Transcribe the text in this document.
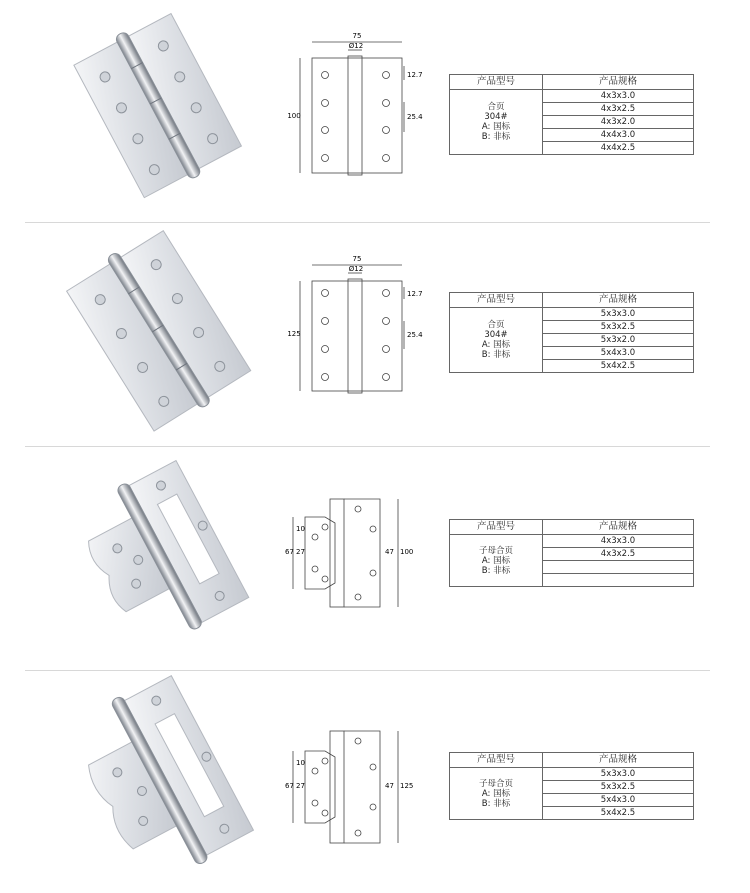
75
Ø12
100
12.7
25.4
产品型号	产品规格

合页
304#
A: 国标
B: 非标	4x3x3.0
	4x3x2.5
	4x3x2.0
	4x4x3.0
	4x4x2.5
75
Ø12
125
12.7
25.4
产品型号	产品规格

合页
304#
A: 国标
B: 非标	5x3x3.0
	5x3x2.5
	5x3x2.0
	5x4x3.0
	5x4x2.5
67
10
27	47 100
产品型号	产品规格

子母合页
A: 国标
B: 非标	4x3x3.0
	4x3x2.5

67
10
27	47 125
产品型号	产品规格

子母合页
A: 国标
B: 非标	5x3x3.0
	5x3x2.5
	5x4x3.0
	5x4x2.5
